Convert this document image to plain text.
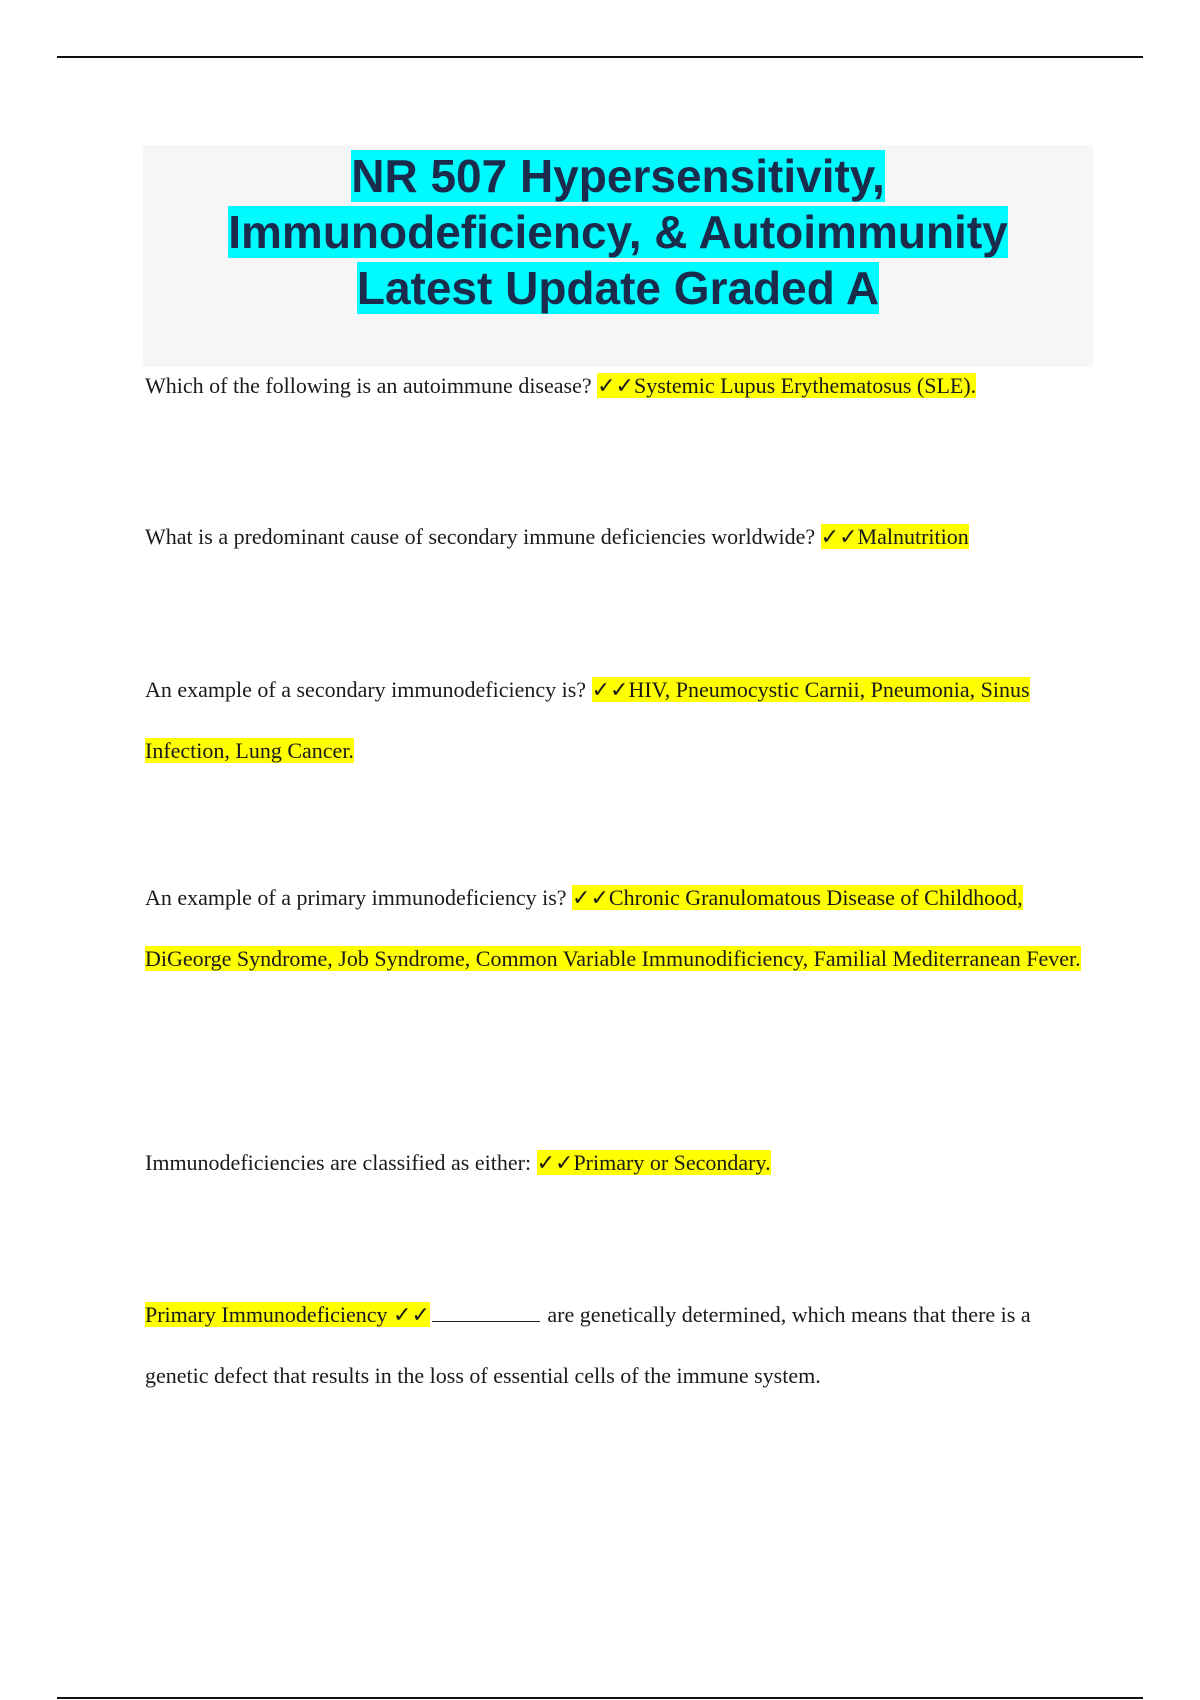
NR 507 Hypersensitivity,
Immunodeficiency, & Autoimmunity
Latest Update Graded A
Which of the following is an autoimmune disease? ✓✓Systemic Lupus Erythematosus (SLE).
What is a predominant cause of secondary immune deficiencies worldwide? ✓✓Malnutrition
An example of a secondary immunodeficiency is? ✓✓HIV, Pneumocystic Carnii, Pneumonia, Sinus Infection, Lung Cancer.
An example of a primary immunodeficiency is? ✓✓Chronic Granulomatous Disease of Childhood, DiGeorge Syndrome, Job Syndrome, Common Variable Immunodificiency, Familial Mediterranean Fever.
Immunodeficiencies are classified as either: ✓✓Primary or Secondary.
Primary Immunodeficiency ✓✓	are genetically determined, which means that there is a genetic defect that results in the loss of essential cells of the immune system.
